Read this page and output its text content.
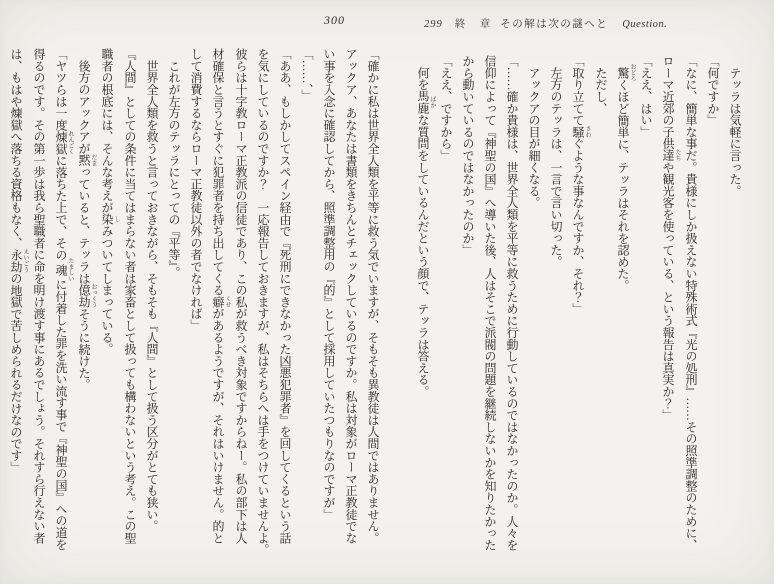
300

「確かに私は世界全人類を平等に救う気でいますが、そもそも異教徒は人間ではありません。

アックア、あなたは書類をきちんとチェックしているのですか。私は対象がローマ正教徒でな

い事を入念に確認してから、照準調整用の『的』として採用していたつもりなのですが」

「……、」

「ああ、もしかしてスペイン経由で『死刑にできなかった凶悪犯罪者』を回してくるという話

を気にしているのですか？　一応報告しておきますが、私はそちらへは手をつけていませんよ。

彼らは十字教ローマ正教派の信徒であり、この私が救うべき対象ですからねー。私の部下は人

材確保と言うとすぐに犯罪者を持ち出してくる癖 くせがあるようですが、それはいけません。的と

して消費するならローマ正教徒以外の者でなければ」

　これが左方のテッラにとっての『平等』。

　世界全人類を救うと言っておきながら、そもそも『人間』として扱う区分がとても狭い。

『人間』としての条件に当てはまらない者は家畜として扱っても構わないという考え。この聖

職者の根底には、そんな考えが染 しみついてしまっている。

　後方のアックアが黙 だまっていると、テッラは億劫 おっくうそうに続けた。

「ヤツらは一度煉獄 れんごくに落ちた上で、その魂 たましいに付着した罪を洗い流す事で『神聖の国』への道を

得るのです。その第一歩は我ら聖職者に命を明け渡す事にあるでしょう。それすら行えない者

は、もはや煉獄へ落ちる資格もなく、永劫 えいごうの地獄で苦しめられるだけなのです」

299 終　章 その解は次の謎へと Question.

　テッラは気軽に言った。

「何ですか」

「なに、簡単な事だ。貴様にしか扱えない特殊術式『光の処刑』……その照準調整のために、

ローマ近郊の子供達 たちや観光客を使っている、という報告は真実か？」

「ええ、はい」

　驚 おどろくほど簡単に、テッラはそれを認めた。

　ただし、

「取り立てて騒 さわぐような事なんですか、それ？」

　左方のテッラは、一言で言い切った。

　アックアの目が細くなる。

「……確か貴様は、世界全人類を平等に救うために行動しているのではなかったのか。人々を

信仰によって『神聖の国』へ導いた後、人はそこで派閥の問題を継続しないかを知りたかった

から動いているのではなかったのか」

「ええ、ですから」

　何を馬鹿 ばかな質問をしているんだという顔で、テッラは答える。
